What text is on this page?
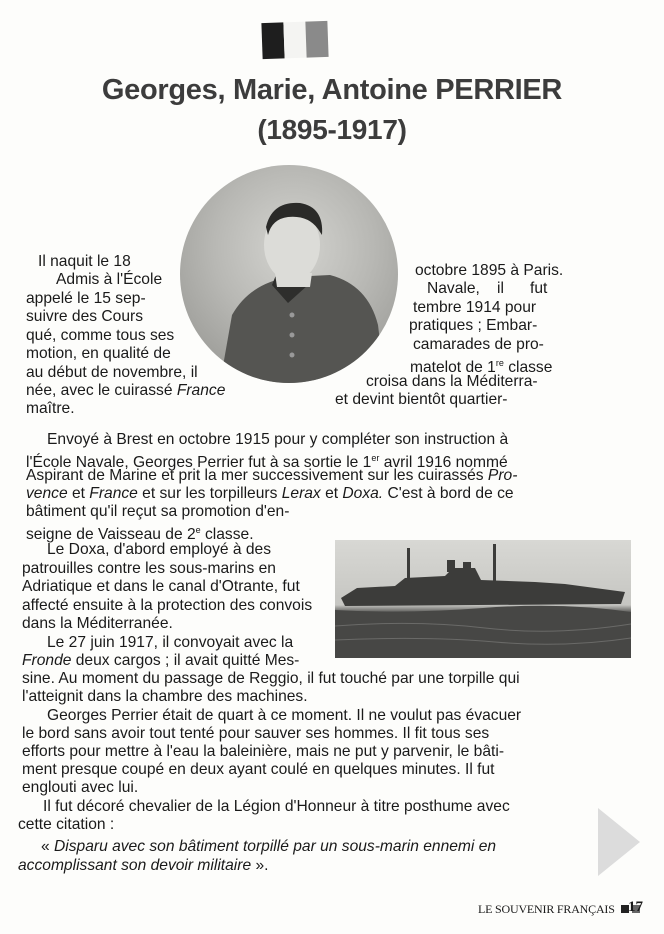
Georges, Marie, Antoine PERRIER
(1895-1917)
Il naquit le 18
Admis à l'École
appelé le 15 sep-
suivre des Cours
qué, comme tous ses
motion, en qualité de
au début de novembre, il
née, avec le cuirassé France
maître.
octobre 1895 à Paris.
Navale, il fut
tembre 1914 pour
pratiques ; Embar-
camarades de pro-
matelot de 1re classe
croisa dans la Méditerra-
et devint bientôt quartier-
Envoyé à Brest en octobre 1915 pour y compléter son instruction à
l'École Navale, Georges Perrier fut à sa sortie le 1er avril 1916 nommé
Aspirant de Marine et prit la mer successivement sur les cuirassés Pro-
vence et France et sur les torpilleurs Lerax et Doxa. C'est à bord de ce
bâtiment qu'il reçut sa promotion d'en-
seigne de Vaisseau de 2e classe.
Le Doxa, d'abord employé à des
patrouilles contre les sous-marins en
Adriatique et dans le canal d'Otrante, fut
affecté ensuite à la protection des convois
dans la Méditerranée.
Le 27 juin 1917, il convoyait avec la
Fronde deux cargos ; il avait quitté Mes-
sine. Au moment du passage de Reggio, il fut touché par une torpille qui
l'atteignit dans la chambre des machines.
Georges Perrier était de quart à ce moment. Il ne voulut pas évacuer
le bord sans avoir tout tenté pour sauver ses hommes. Il fit tous ses
efforts pour mettre à l'eau la baleinière, mais ne put y parvenir, le bâti-
ment presque coupé en deux ayant coulé en quelques minutes. Il fut
englouti avec lui.
Il fut décoré chevalier de la Légion d'Honneur à titre posthume avec
cette citation :
« Disparu avec son bâtiment torpillé par un sous-marin ennemi en
accomplissant son devoir militaire ».
LE SOUVENIR FRANÇAIS 17
